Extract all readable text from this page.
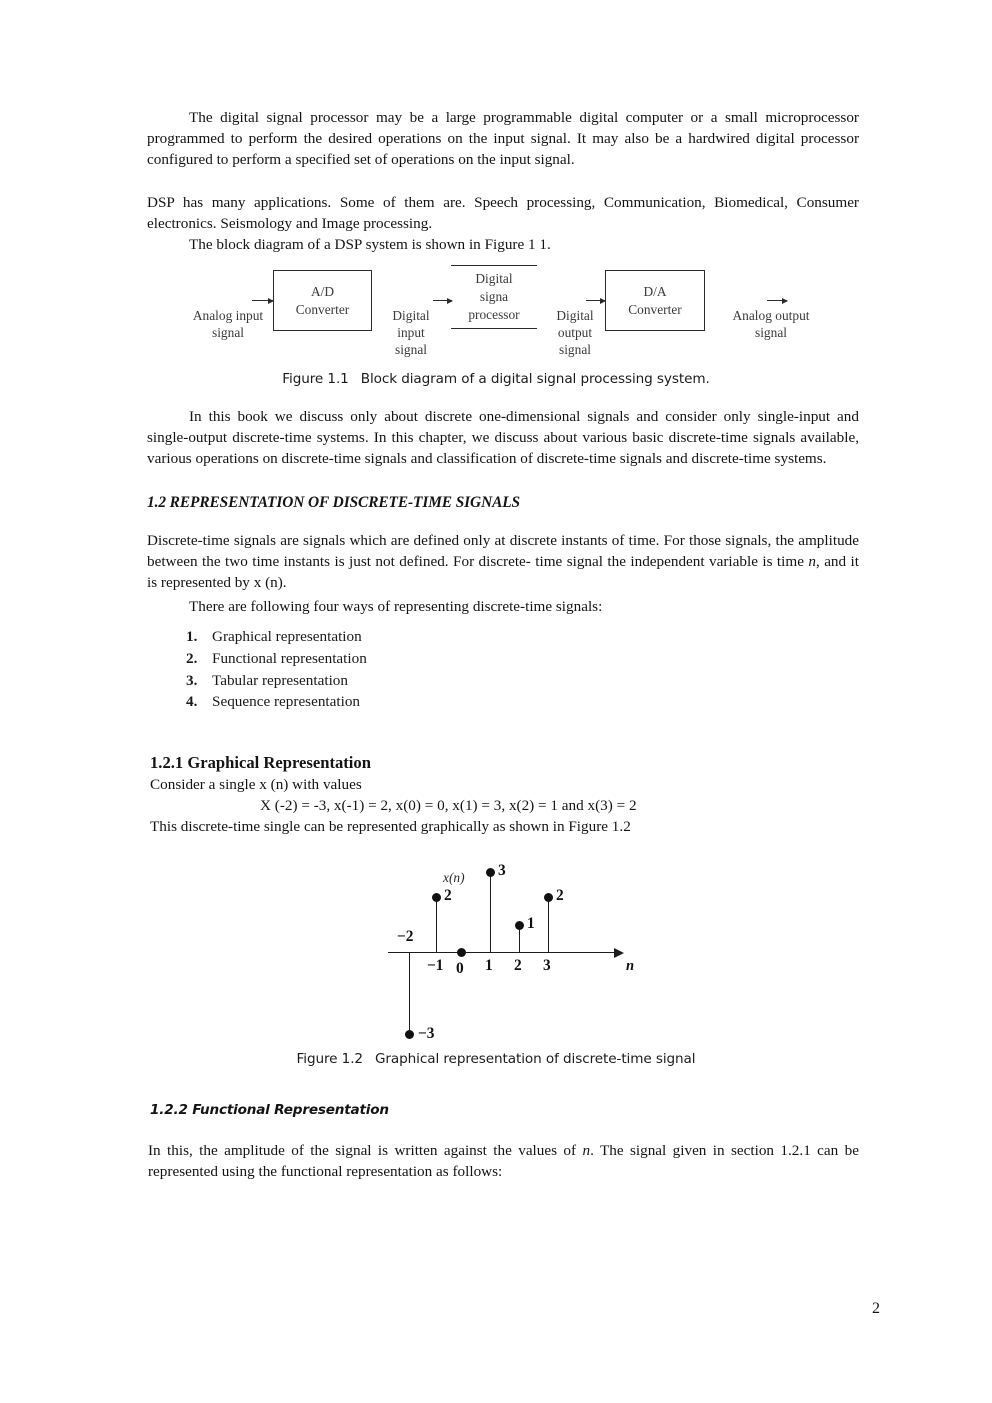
The digital signal processor may be a large programmable digital computer or a small microprocessor programmed to perform the desired operations on the input signal. It may also be a hardwired digital processor configured to perform a specified set of operations on the input signal.

DSP has many applications. Some of them are. Speech processing, Communication, Biomedical, Consumer electronics. Seismology and Image processing.

The block diagram of a DSP system is shown in Figure 1 1.

Analog input
signal
A/D
Converter	Digital
input
signal
Digital
signa
processor	Digital
output
signal
D/A
Converter	Analog output
signal
Figure 1.1 Block diagram of a digital signal processing system.

In this book we discuss only about discrete one-dimensional signals and consider only single-input and single-output discrete-time systems. In this chapter, we discuss about various basic discrete-time signals available, various operations on discrete-time signals and classification of discrete-time signals and discrete-time systems.

1.2 REPRESENTATION OF DISCRETE-TIME SIGNALS

Discrete-time signals are signals which are defined only at discrete instants of time. For those signals, the amplitude between the two time instants is just not defined. For discrete- time signal the independent variable is time n, and it is represented by x (n).

There are following four ways of representing discrete-time signals:

1. Graphical representation
2. Functional representation
3. Tabular representation
4. Sequence representation
1.2.1 Graphical Representation

Consider a single x (n) with values

X (-2) = -3, x(-1) = 2, x(0) = 0, x(1) = 3, x(2) = 1 and x(3) = 2

This discrete-time single can be represented graphically as shown in Figure 1.2

x(n)
n
−3
−2
2
−1 0
3
1
1
2
2
3
Figure 1.2 Graphical representation of discrete-time signal
1.2.2 Functional Representation

In this, the amplitude of the signal is written against the values of n. The signal given in section 1.2.1 can be represented using the functional representation as follows:

2
